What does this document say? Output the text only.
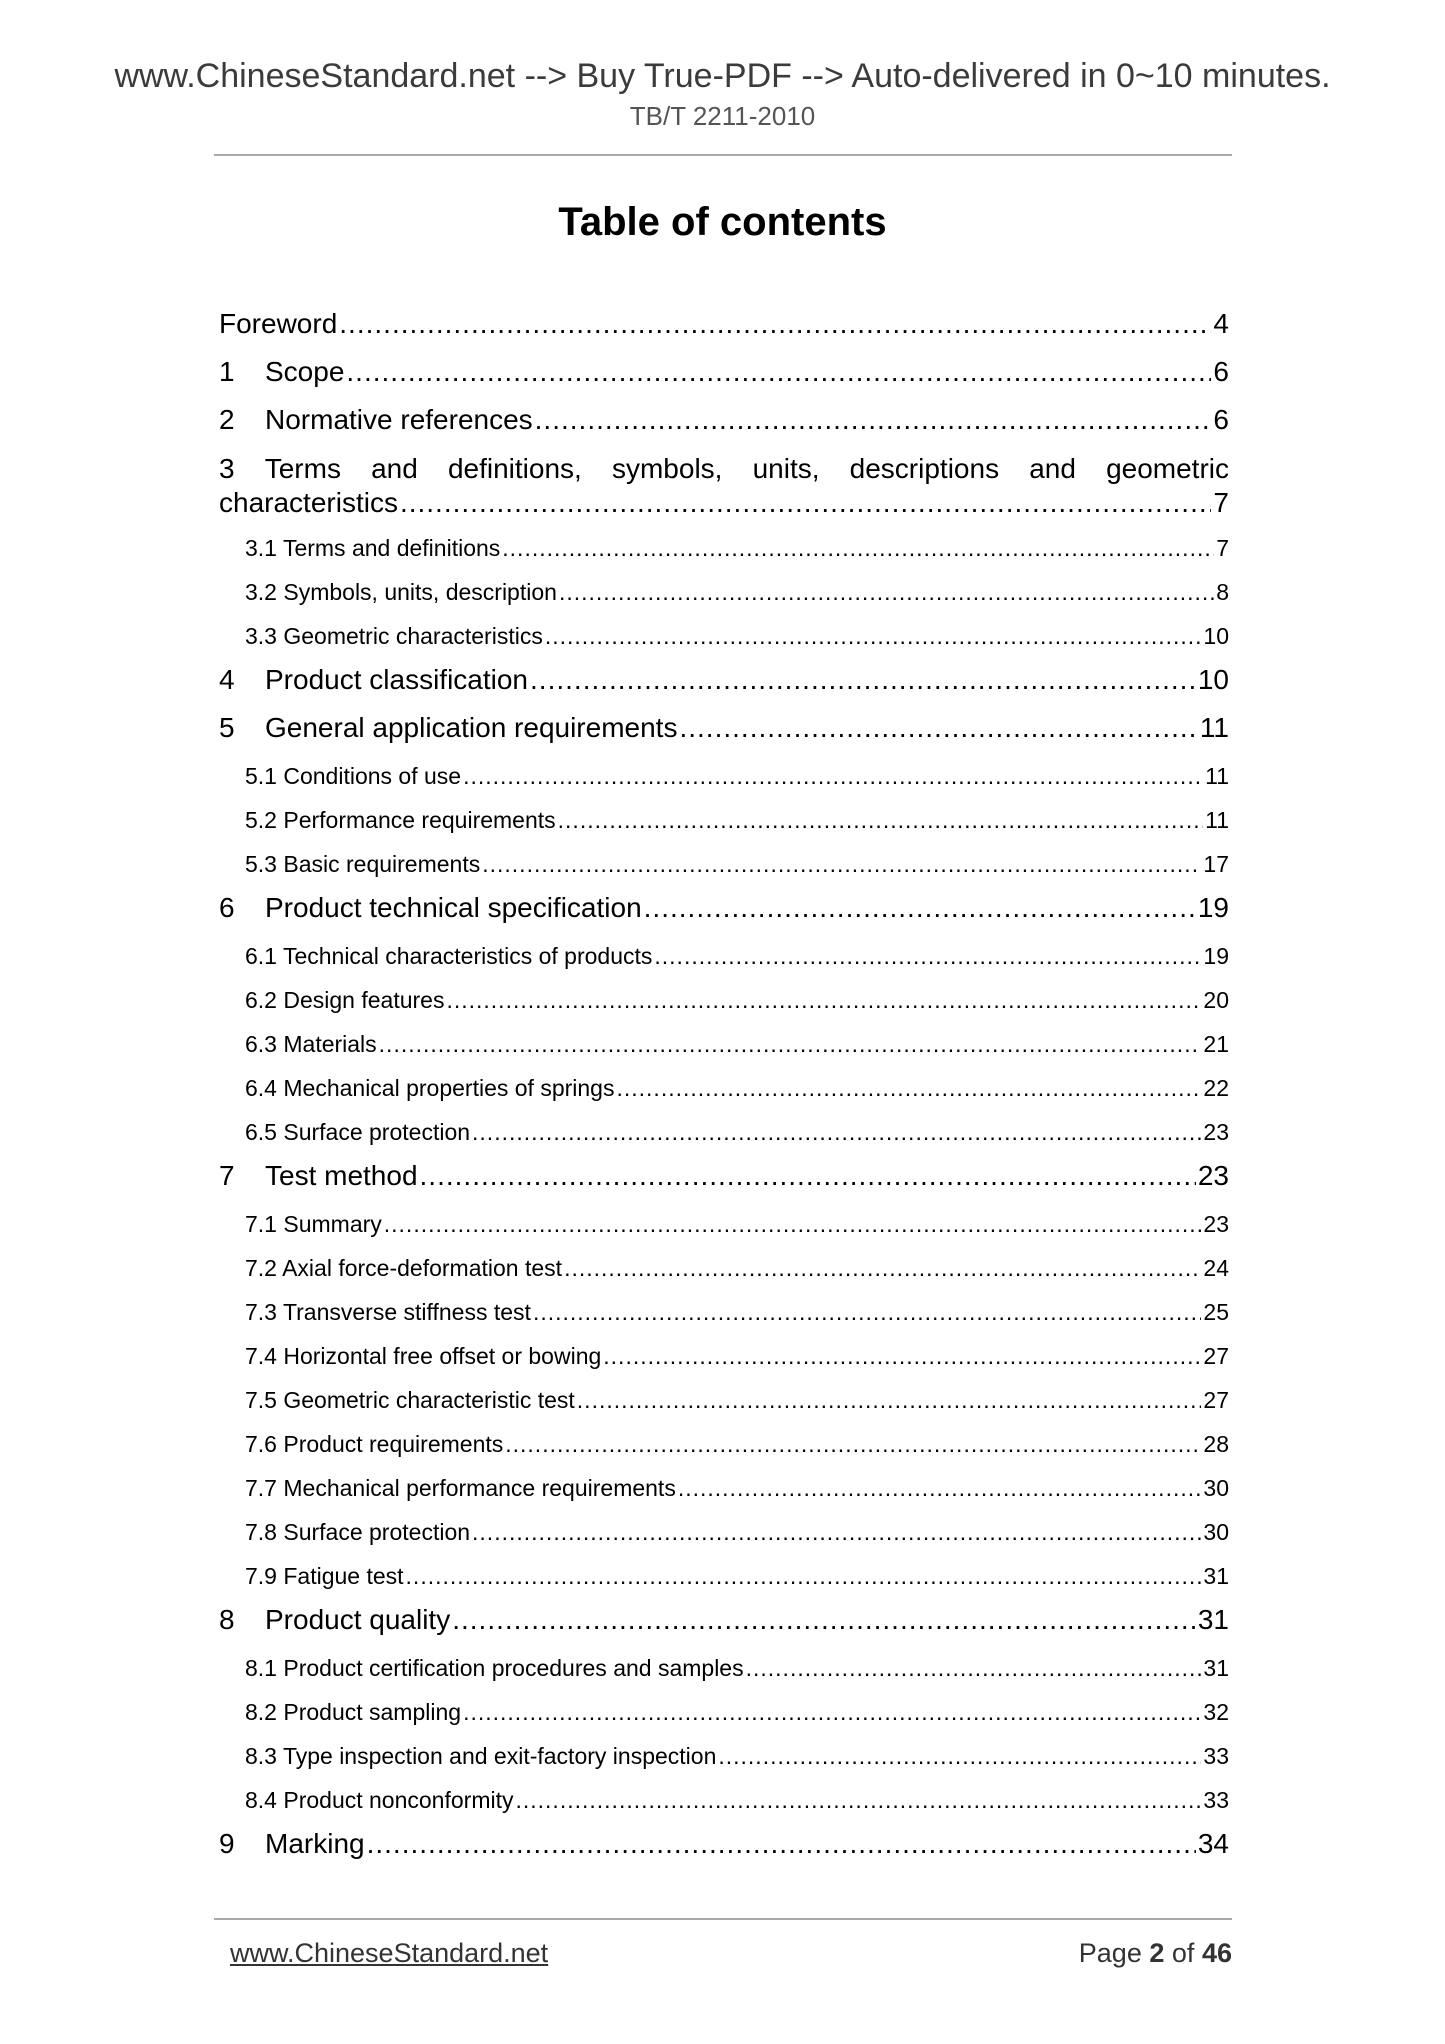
www.ChineseStandard.net --> Buy True-PDF --> Auto-delivered in 0~10 minutes.
TB/T 2211-2010
Table of contents
Foreword .....	4
1	Scope .....	6
2	Normative references .....	6
3 Terms and definitions, symbols, units, descriptions and geometric
characteristics .....	7
3.1 Terms and definitions .....	7
3.2 Symbols, units, description .....	8
3.3 Geometric characteristics .....	10
4	Product classification .....	10
5	General application requirements .....	11
5.1 Conditions of use .....	11
5.2 Performance requirements .....	11
5.3 Basic requirements .....	17
6	Product technical specification .....	19
6.1 Technical characteristics of products .....	19
6.2 Design features .....	20
6.3 Materials .....	21
6.4 Mechanical properties of springs .....	22
6.5 Surface protection .....	23
7	Test method .....	23
7.1 Summary .....	23
7.2 Axial force-deformation test .....	24
7.3 Transverse stiffness test .....	25
7.4 Horizontal free offset or bowing .....	27
7.5 Geometric characteristic test .....	27
7.6 Product requirements .....	28
7.7 Mechanical performance requirements .....	30
7.8 Surface protection .....	30
7.9 Fatigue test .....	31
8	Product quality .....	31
8.1 Product certification procedures and samples .....	31
8.2 Product sampling .....	32
8.3 Type inspection and exit-factory inspection .....	33
8.4 Product nonconformity .....	33
9	Marking .....	34
www.ChineseStandard.net	Page 2 of 46
